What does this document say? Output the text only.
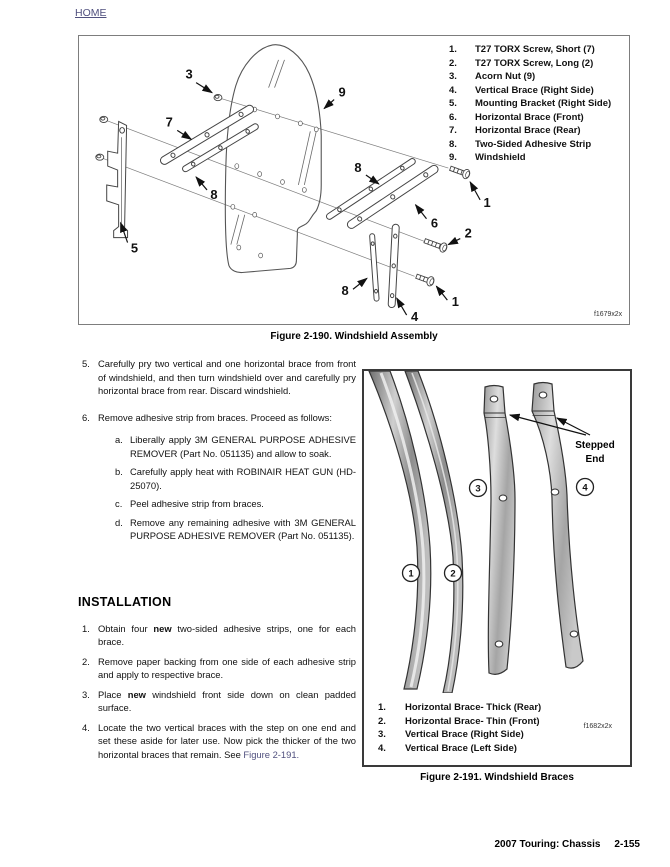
HOME
3
9
7
8
5
8
6
8
4
1
2
1
f1679x2x
1.	T27 TORX Screw, Short (7)
2.	T27 TORX Screw, Long (2)
3.	Acorn Nut (9)
4.	Vertical Brace (Right Side)
5.	Mounting Bracket (Right Side)
6.	Horizontal Brace (Front)
7.	Horizontal Brace (Rear)
8.	Two-Sided Adhesive Strip
9.	Windshield
Figure 2-190. Windshield Assembly
5. Carefully pry two vertical and one horizontal brace from front of windshield, and then turn windshield over and carefully pry horizontal brace from rear. Discard windshield.
6. Remove adhesive strip from braces. Proceed as follows:
a. Liberally apply 3M GENERAL PURPOSE ADHESIVE REMOVER (Part No. 051135) and allow to soak.
b. Carefully apply heat with ROBINAIR HEAT GUN (HD-25070).
c. Peel adhesive strip from braces.
d. Remove any remaining adhesive with 3M GENERAL PURPOSE ADHESIVE REMOVER (Part No. 051135).
INSTALLATION
1. Obtain four new two-sided adhesive strips, one for each brace.
2. Remove paper backing from one side of each adhesive strip and apply to respective brace.
3. Place new windshield front side down on clean padded surface.
4. Locate the two vertical braces with the step on one end and set these aside for later use. Now pick the thicker of the two horizontal braces that remain. See Figure 2-191.
Stepped
End
1	2
3	4
1.	Horizontal Brace- Thick (Rear)
2.	Horizontal Brace- Thin (Front)
3.	Vertical Brace (Right Side)
4.	Vertical Brace (Left Side)
f1682x2x
Figure 2-191. Windshield Braces
2007 Touring: Chassis 2-155
